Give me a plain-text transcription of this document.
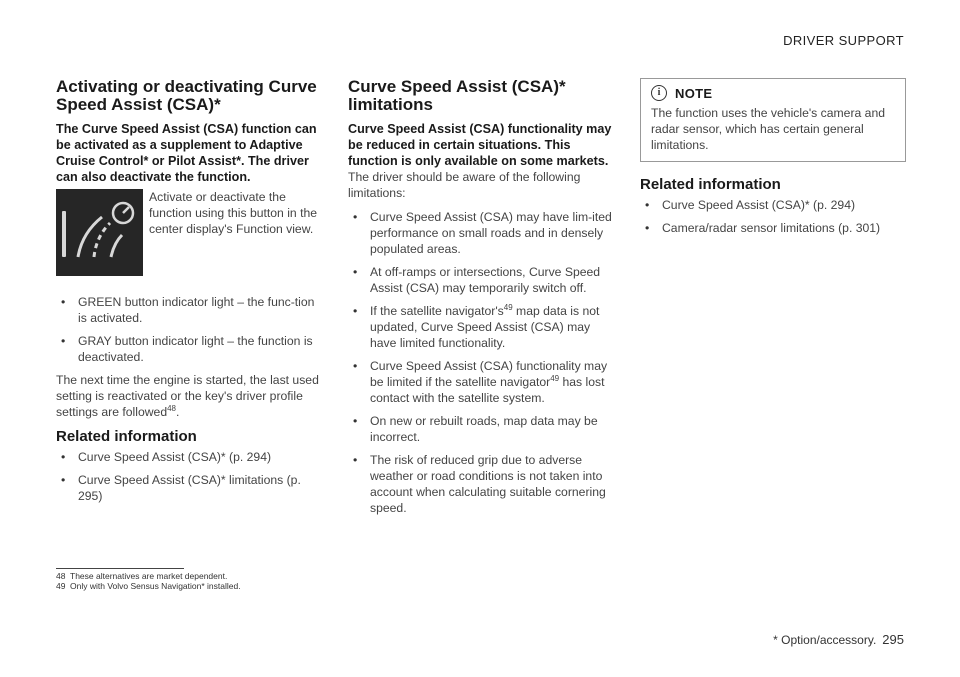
DRIVER SUPPORT
Activating or deactivating Curve Speed Assist (CSA)*

The Curve Speed Assist (CSA) function can be activated as a supplement to Adaptive Cruise Control* or Pilot Assist*. The driver can also deactivate the function.

Activate or deactivate the function using this button in the center display's Function view.
• GREEN button indicator light – the func-tion is activated.
• GRAY button indicator light – the function is deactivated.

The next time the engine is started, the last used setting is reactivated or the key's driver profile settings are followed$^{48}$.

Related information
• Curve Speed Assist (CSA)* (p. 294)
• Curve Speed Assist (CSA)* limitations (p. 295)
Curve Speed Assist (CSA)* limitations

Curve Speed Assist (CSA) functionality may be reduced in certain situations. This function is only available on some markets.

The driver should be aware of the following limitations:

• Curve Speed Assist (CSA) may have lim-ited performance on small roads and in densely populated areas.
• At off-ramps or intersections, Curve Speed Assist (CSA) may temporarily switch off.
• If the satellite $navigator's^{49}$ map data is not updated, Curve Speed Assist (CSA) may have limited functionality.
• Curve Speed Assist (CSA) functionality may be limited if the satellite navigator$^{49}$ has lost contact with the satellite system.
• On new or rebuilt roads, map data may be incorrect.
• The risk of reduced grip due to adverse weather or road conditions is not taken into account when calculating suitable cornering speed.
i	NOTE

The function uses the vehicle's camera and radar sensor, which has certain general limitations.

Related information
• Curve Speed Assist (CSA)* (p. 294)
• Camera/radar sensor limitations (p. 301)
48 These alternatives are market dependent.
49 Only with Volvo Sensus Navigation* installed.
* Option/accessory. 295
